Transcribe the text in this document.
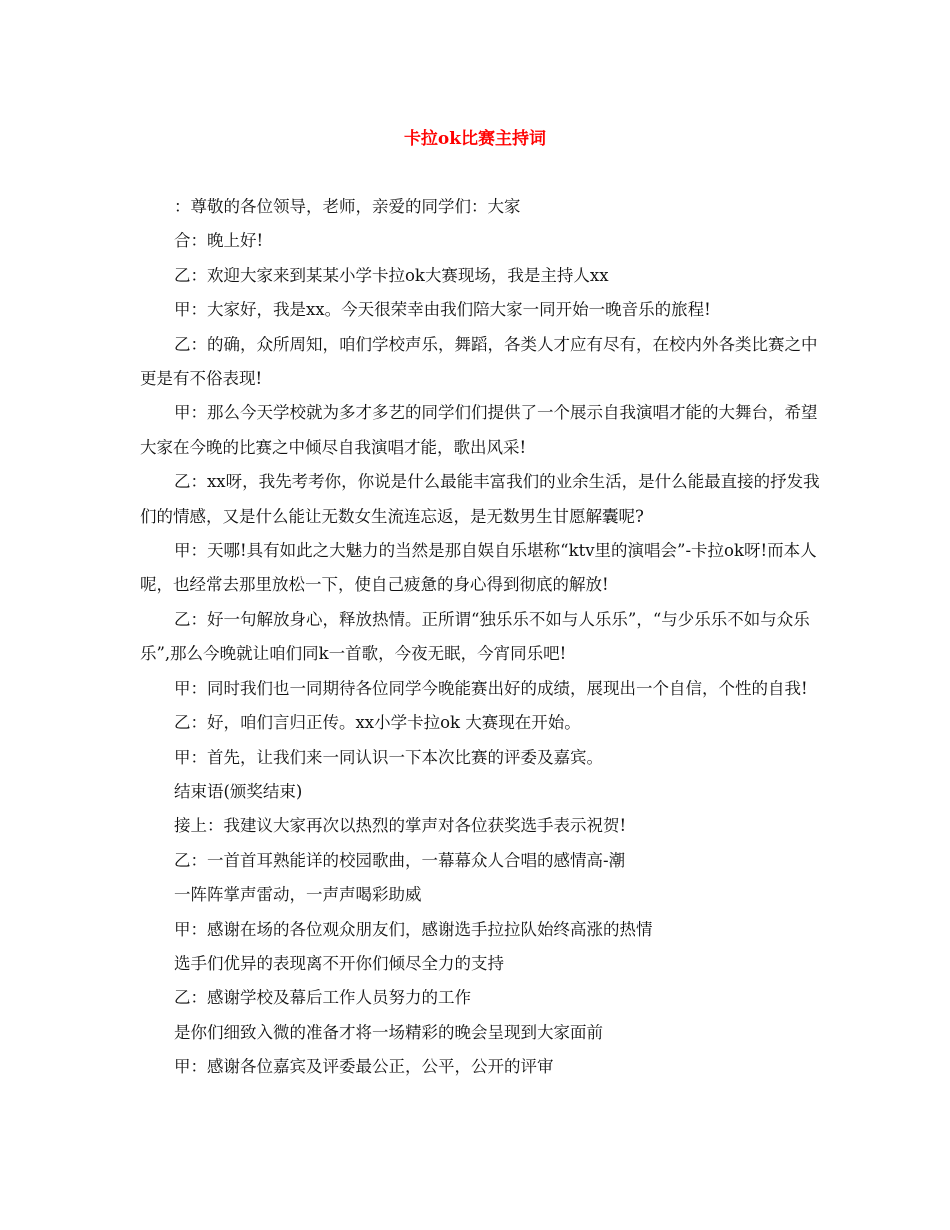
卡拉ok比赛主持词

：尊敬的各位领导，老师，亲爱的同学们：大家

合：晚上好!

乙：欢迎大家来到某某小学卡拉ok大赛现场，我是主持人xx

甲：大家好，我是xx。今天很荣幸由我们陪大家一同开始一晚音乐的旅程!

乙：的确，众所周知，咱们学校声乐，舞蹈，各类人才应有尽有，在校内外各类比赛之中更是有不俗表现!

甲：那么今天学校就为多才多艺的同学们们提供了一个展示自我演唱才能的大舞台，希望大家在今晚的比赛之中倾尽自我演唱才能，歌出风采!

乙：xx呀，我先考考你，你说是什么最能丰富我们的业余生活，是什么能最直接的抒发我们的情感，又是什么能让无数女生流连忘返，是无数男生甘愿解囊呢?

甲：天哪!具有如此之大魅力的当然是那自娱自乐堪称“ktv里的演唱会”-卡拉ok呀!而本人呢，也经常去那里放松一下，使自己疲惫的身心得到彻底的解放!

乙：好一句解放身心，释放热情。正所谓“独乐乐不如与人乐乐”，“与少乐乐不如与众乐乐”,那么今晚就让咱们同k一首歌，今夜无眠，今宵同乐吧!

甲：同时我们也一同期待各位同学今晚能赛出好的成绩，展现出一个自信，个性的自我!

乙：好，咱们言归正传。xx小学卡拉ok 大赛现在开始。

甲：首先，让我们来一同认识一下本次比赛的评委及嘉宾。

结束语(颁奖结束)

接上：我建议大家再次以热烈的掌声对各位获奖选手表示祝贺!

乙：一首首耳熟能详的校园歌曲，一幕幕众人合唱的感情高-潮

一阵阵掌声雷动，一声声喝彩助威

甲：感谢在场的各位观众朋友们，感谢选手拉拉队始终高涨的热情

选手们优异的表现离不开你们倾尽全力的支持

乙：感谢学校及幕后工作人员努力的工作

是你们细致入微的准备才将一场精彩的晚会呈现到大家面前

甲：感谢各位嘉宾及评委最公正，公平，公开的评审
